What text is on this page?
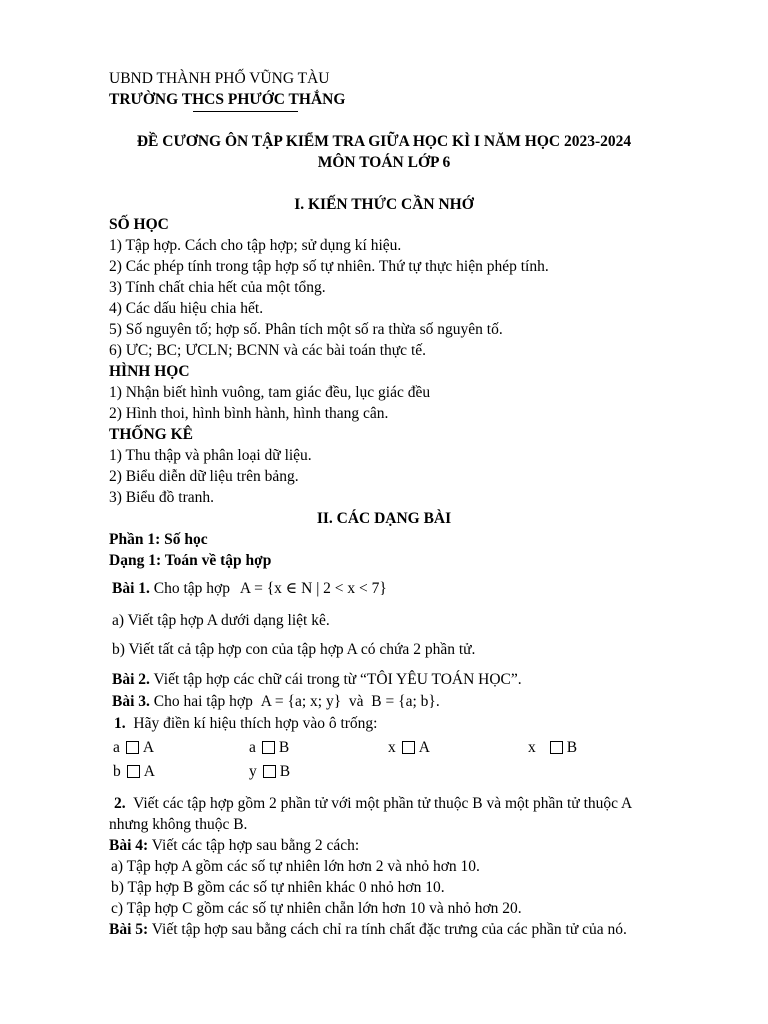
UBND THÀNH PHỐ VŨNG TÀU
TRƯỜNG THCS PHƯỚC THẮNG
ĐỀ CƯƠNG ÔN TẬP KIỂM TRA GIỮA HỌC KÌ I NĂM HỌC 2023-2024
MÔN TOÁN LỚP 6
I. KIẾN THỨC CẦN NHỚ
SỐ HỌC
1) Tập hợp. Cách cho tập hợp; sử dụng kí hiệu.
2) Các phép tính trong tập hợp số tự nhiên. Thứ tự thực hiện phép tính.
3) Tính chất chia hết của một tổng.
4) Các dấu hiệu chia hết.
5) Số nguyên tố; hợp số. Phân tích một số ra thừa số nguyên tố.
6) ƯC; BC; ƯCLN; BCNN và các bài toán thực tế.
HÌNH HỌC
1) Nhận biết hình vuông, tam giác đều, lục giác đều
2) Hình thoi, hình bình hành, hình thang cân.
THỐNG KÊ
1) Thu thập và phân loại dữ liệu.
2) Biểu diễn dữ liệu trên bảng.
3) Biểu đồ tranh.
II. CÁC DẠNG BÀI
Phần 1: Số học
Dạng 1: Toán về tập hợp
Bài 1. Cho tập hợp A = {x ∈ N | 2 < x < 7}
a) Viết tập hợp A dưới dạng liệt kê.
b) Viết tất cả tập hợp con của tập hợp A có chứa 2 phần tử.
Bài 2. Viết tập hợp các chữ cái trong từ “TÔI YÊU TOÁN HỌC”.
Bài 3. Cho hai tập hợp A = {a; x; y}  và  B = {a; b}.
1.  Hãy điền kí hiệu thích hợp vào ô trống:
a A	a B	x A	x B
b A	y B
2.  Viết các tập hợp gồm 2 phần tử với một phần tử thuộc B và một phần tử thuộc A
nhưng không thuộc B.
Bài 4: Viết các tập hợp sau bằng 2 cách:
a) Tập hợp A gồm các số tự nhiên lớn hơn 2 và nhỏ hơn 10.
b) Tập hợp B gồm các số tự nhiên khác 0 nhỏ hơn 10.
c) Tập hợp C gồm các số tự nhiên chẵn lớn hơn 10 và nhỏ hơn 20.
Bài 5: Viết tập hợp sau bằng cách chỉ ra tính chất đặc trưng của các phần tử của nó.
